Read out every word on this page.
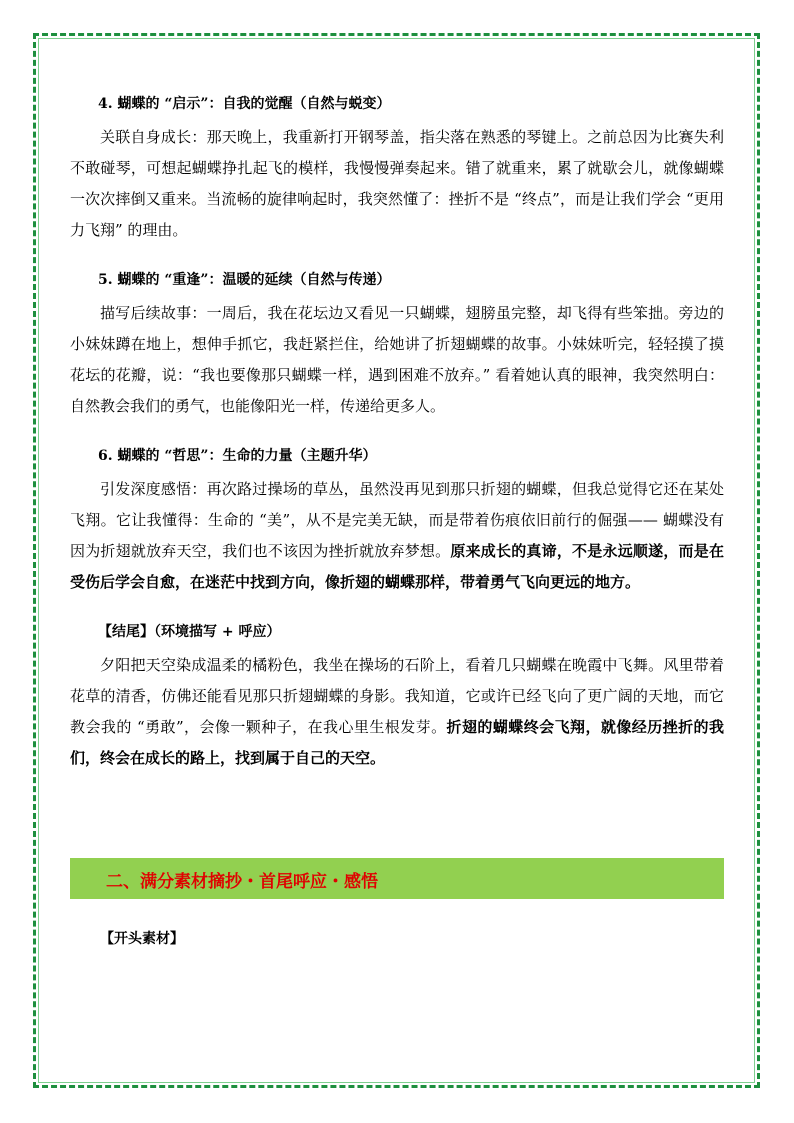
4. 蝴蝶的 “启示”：自我的觉醒（自然与蜕变）

关联自身成长：那天晚上，我重新打开钢琴盖，指尖落在熟悉的琴键上。之前总因为比赛失利不敢碰琴，可想起蝴蝶挣扎起飞的模样，我慢慢弹奏起来。错了就重来，累了就歇会儿，就像蝴蝶一次次摔倒又重来。当流畅的旋律响起时，我突然懂了：挫折不是 “终点”，而是让我们学会 “更用力飞翔” 的理由。

5. 蝴蝶的 “重逢”：温暖的延续（自然与传递）

描写后续故事：一周后，我在花坛边又看见一只蝴蝶，翅膀虽完整，却飞得有些笨拙。旁边的小妹妹蹲在地上，想伸手抓它，我赶紧拦住，给她讲了折翅蝴蝶的故事。小妹妹听完，轻轻摸了摸花坛的花瓣，说：“我也要像那只蝴蝶一样，遇到困难不放弃。” 看着她认真的眼神，我突然明白：自然教会我们的勇气，也能像阳光一样，传递给更多人。

6. 蝴蝶的 “哲思”：生命的力量（主题升华）

引发深度感悟：再次路过操场的草丛，虽然没再见到那只折翅的蝴蝶，但我总觉得它还在某处飞翔。它让我懂得：生命的 “美”，从不是完美无缺，而是带着伤痕依旧前行的倔强—— 蝴蝶没有因为折翅就放弃天空，我们也不该因为挫折就放弃梦想。原来成长的真谛，不是永远顺遂，而是在受伤后学会自愈，在迷茫中找到方向，像折翅的蝴蝶那样，带着勇气飞向更远的地方。

【结尾】（环境描写 + 呼应）

夕阳把天空染成温柔的橘粉色，我坐在操场的石阶上，看着几只蝴蝶在晚霞中飞舞。风里带着花草的清香，仿佛还能看见那只折翅蝴蝶的身影。我知道，它或许已经飞向了更广阔的天地，而它教会我的 “勇敢”，会像一颗种子，在我心里生根发芽。折翅的蝴蝶终会飞翔，就像经历挫折的我们，终会在成长的路上，找到属于自己的天空。

二、满分素材摘抄・首尾呼应・感悟
【开头素材】
